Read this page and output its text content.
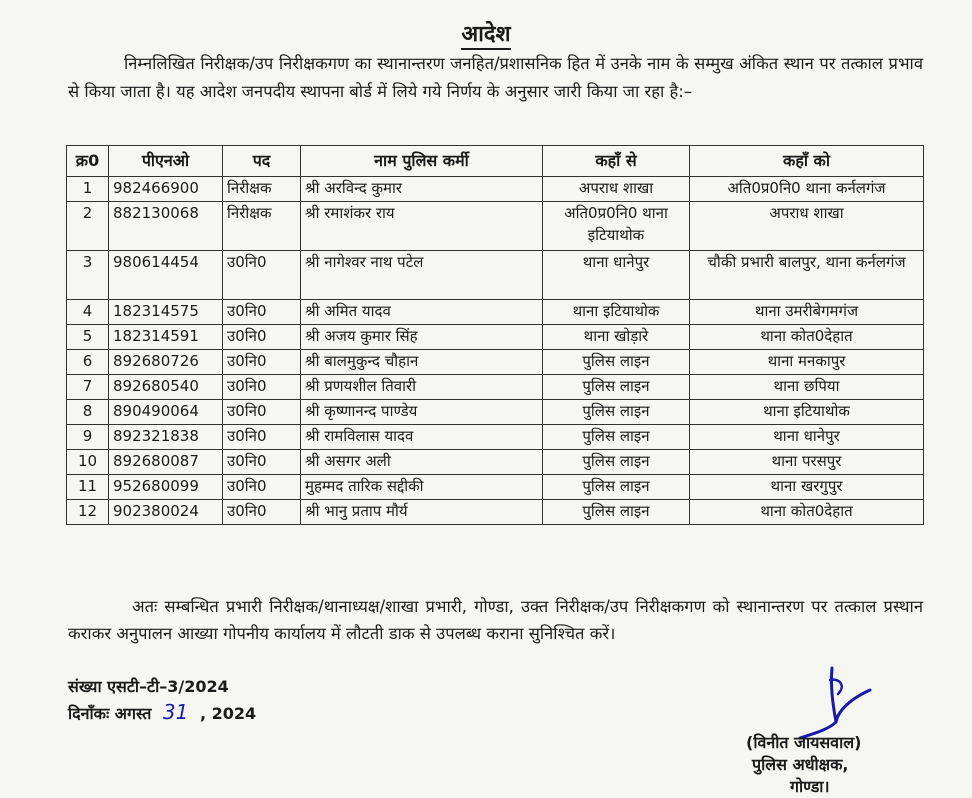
आदेश

निम्नलिखित निरीक्षक/उप निरीक्षकगण का स्थानान्तरण जनहित/प्रशासनिक हित में उनके नाम के सम्मुख अंकित स्थान पर तत्काल प्रभाव से किया जाता है। यह आदेश जनपदीय स्थापना बोर्ड में लिये गये निर्णय के अनुसार जारी किया जा रहा है:–

क्र0	पीएनओ	पद	नाम पुलिस कर्मी	कहाँ से	कहाँ को
1	982466900	निरीक्षक	श्री अरविन्द कुमार	अपराध शाखा	अति0प्र0नि0 थाना कर्नलगंज
2	882130068	निरीक्षक	श्री रमाशंकर राय	अति0प्र0नि0 थाना इटियाथोक	अपराध शाखा
3	980614454	उ0नि0	श्री नागेश्वर नाथ पटेल	थाना धानेपुर	चौकी प्रभारी बालपुर, थाना कर्नलगंज
4	182314575	उ0नि0	श्री अमित यादव	थाना इटियाथोक	थाना उमरीबेगमगंज
5	182314591	उ0नि0	श्री अजय कुमार सिंह	थाना खोड़ारे	थाना कोत0देहात
6	892680726	उ0नि0	श्री बालमुकुन्द चौहान	पुलिस लाइन	थाना मनकापुर
7	892680540	उ0नि0	श्री प्रणयशील तिवारी	पुलिस लाइन	थाना छपिया
8	890490064	उ0नि0	श्री कृष्णानन्द पाण्डेय	पुलिस लाइन	थाना इटियाथोक
9	892321838	उ0नि0	श्री रामविलास यादव	पुलिस लाइन	थाना धानेपुर
10	892680087	उ0नि0	श्री असगर अली	पुलिस लाइन	थाना परसपुर
11	952680099	उ0नि0	मुहम्मद तारिक सद्दीकी	पुलिस लाइन	थाना खरगुपुर
12	902380024	उ0नि0	श्री भानु प्रताप मौर्य	पुलिस लाइन	थाना कोत0देहात

अतः सम्बन्धित प्रभारी निरीक्षक/थानाध्यक्ष/शाखा प्रभारी, गोण्डा, उक्त निरीक्षक/उप निरीक्षकगण को स्थानान्तरण पर तत्काल प्रस्थान कराकर अनुपालन आख्या गोपनीय कार्यालय में लौटती डाक से उपलब्ध कराना सुनिश्चित करें।

संख्या एसटी–टी–3/2024
दिनाँकः अगस्त 31 , 2024
(विनीत जायसवाल)
पुलिस अधीक्षक,
गोण्डा।
